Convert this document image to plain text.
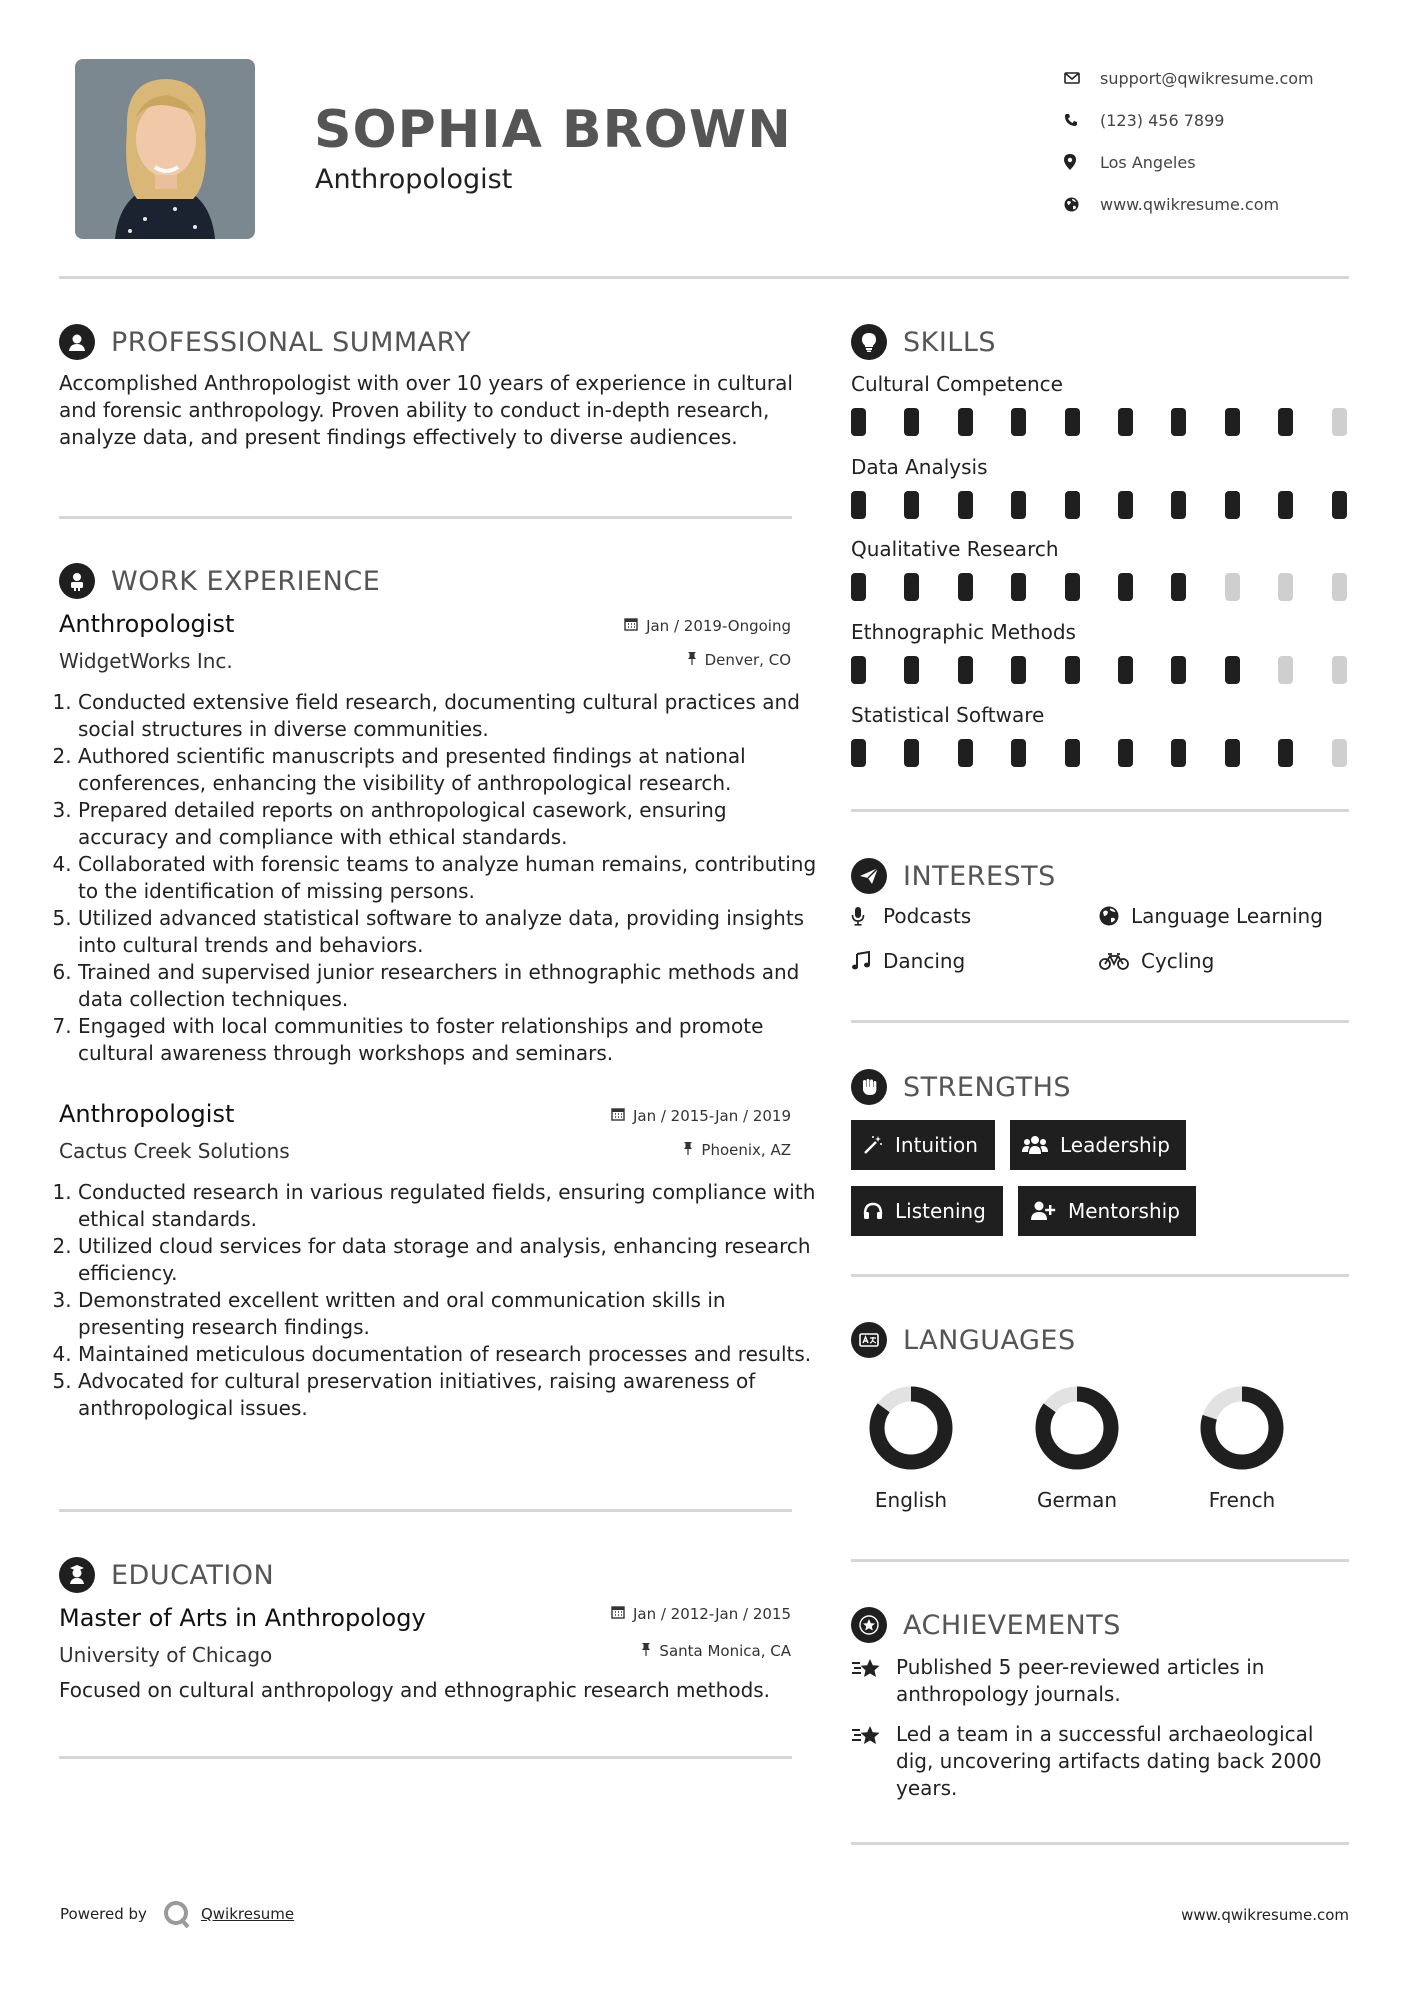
SOPHIA BROWN
Anthropologist
support@qwikresume.com
(123) 456 7899
Los Angeles
www.qwikresume.com
PROFESSIONAL SUMMARY

Accomplished Anthropologist with over 10 years of experience in cultural and forensic anthropology. Proven ability to conduct in-depth research, analyze data, and present findings effectively to diverse audiences.

WORK EXPERIENCE
Anthropologist	Jan / 2019-Ongoing
WidgetWorks Inc.	Denver, CO
1. Conducted extensive field research, documenting cultural practices and social structures in diverse communities.
2. Authored scientific manuscripts and presented findings at national conferences, enhancing the visibility of anthropological research.
3. Prepared detailed reports on anthropological casework, ensuring accuracy and compliance with ethical standards.
4. Collaborated with forensic teams to analyze human remains, contributing to the identification of missing persons.
5. Utilized advanced statistical software to analyze data, providing insights into cultural trends and behaviors.
6. Trained and supervised junior researchers in ethnographic methods and data collection techniques.
7. Engaged with local communities to foster relationships and promote cultural awareness through workshops and seminars.
Anthropologist	Jan / 2015-Jan / 2019
Cactus Creek Solutions	Phoenix, AZ
1. Conducted research in various regulated fields, ensuring compliance with ethical standards.
2. Utilized cloud services for data storage and analysis, enhancing research efficiency.
3. Demonstrated excellent written and oral communication skills in presenting research findings.
4. Maintained meticulous documentation of research processes and results.
5. Advocated for cultural preservation initiatives, raising awareness of anthropological issues.
EDUCATION
Master of Arts in Anthropology	Jan / 2012-Jan / 2015
University of Chicago	Santa Monica, CA

Focused on cultural anthropology and ethnographic research methods.

SKILLS
Cultural Competence
Data Analysis
Qualitative Research
Ethnographic Methods
Statistical Software
INTERESTS
Podcasts	Language Learning
Dancing	Cycling
STRENGTHS
Intuition	Leadership
Listening	Mentorship
LANGUAGES
English	German	French
ACHIEVEMENTS
Published 5 peer-reviewed articles in anthropology journals.
Led a team in a successful archaeological dig, uncovering artifacts dating back 2000 years.
Powered by	Qwikresume	www.qwikresume.com
